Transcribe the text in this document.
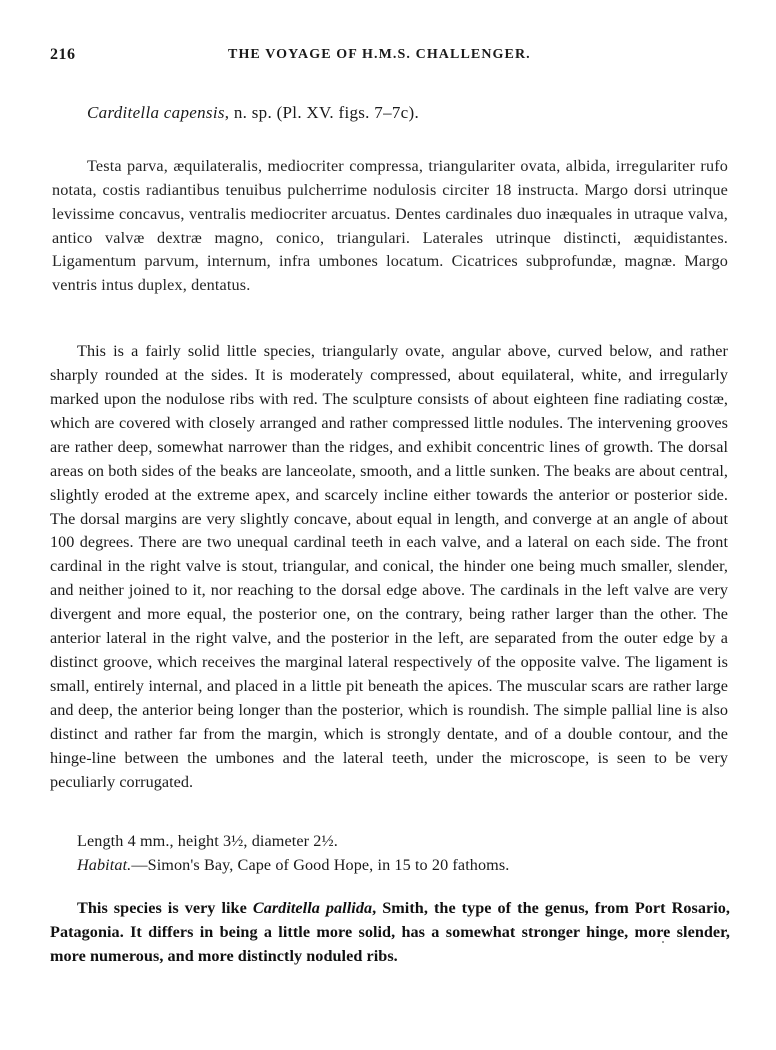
216	THE VOYAGE OF H.M.S. CHALLENGER.
Carditella capensis, n. sp. (Pl. XV. figs. 7–7c).

Testa parva, æquilateralis, mediocriter compressa, triangulariter ovata, albida, irregulariter rufo notata, costis radiantibus tenuibus pulcherrime nodulosis circiter 18 instructa. Margo dorsi utrinque levissime concavus, ventralis mediocriter arcuatus. Dentes cardinales duo inæquales in utraque valva, antico valvæ dextræ magno, conico, triangulari. Laterales utrinque distincti, æquidistantes. Ligamentum parvum, internum, infra umbones locatum. Cicatrices subprofundæ, magnæ. Margo ventris intus duplex, dentatus.

This is a fairly solid little species, triangularly ovate, angular above, curved below, and rather sharply rounded at the sides. It is moderately compressed, about equilateral, white, and irregularly marked upon the nodulose ribs with red. The sculpture consists of about eighteen fine radiating costæ, which are covered with closely arranged and rather compressed little nodules. The intervening grooves are rather deep, somewhat narrower than the ridges, and exhibit concentric lines of growth. The dorsal areas on both sides of the beaks are lanceolate, smooth, and a little sunken. The beaks are about central, slightly eroded at the extreme apex, and scarcely incline either towards the anterior or posterior side. The dorsal margins are very slightly concave, about equal in length, and converge at an angle of about 100 degrees. There are two unequal cardinal teeth in each valve, and a lateral on each side. The front cardinal in the right valve is stout, triangular, and conical, the hinder one being much smaller, slender, and neither joined to it, nor reaching to the dorsal edge above. The cardinals in the left valve are very divergent and more equal, the posterior one, on the contrary, being rather larger than the other. The anterior lateral in the right valve, and the posterior in the left, are separated from the outer edge by a distinct groove, which receives the marginal lateral respectively of the opposite valve. The ligament is small, entirely internal, and placed in a little pit beneath the apices. The muscular scars are rather large and deep, the anterior being longer than the posterior, which is roundish. The simple pallial line is also distinct and rather far from the margin, which is strongly dentate, and of a double contour, and the hinge-line between the umbones and the lateral teeth, under the microscope, is seen to be very peculiarly corrugated.

Length 4 mm., height 3½, diameter 2½.
Habitat.—Simon's Bay, Cape of Good Hope, in 15 to 20 fathoms.

This species is very like Carditella pallida, Smith, the type of the genus, from Port Rosario, Patagonia. It differs in being a little more solid, has a somewhat stronger hinge, more slender, more numerous, and more distinctly noduled ribs.
